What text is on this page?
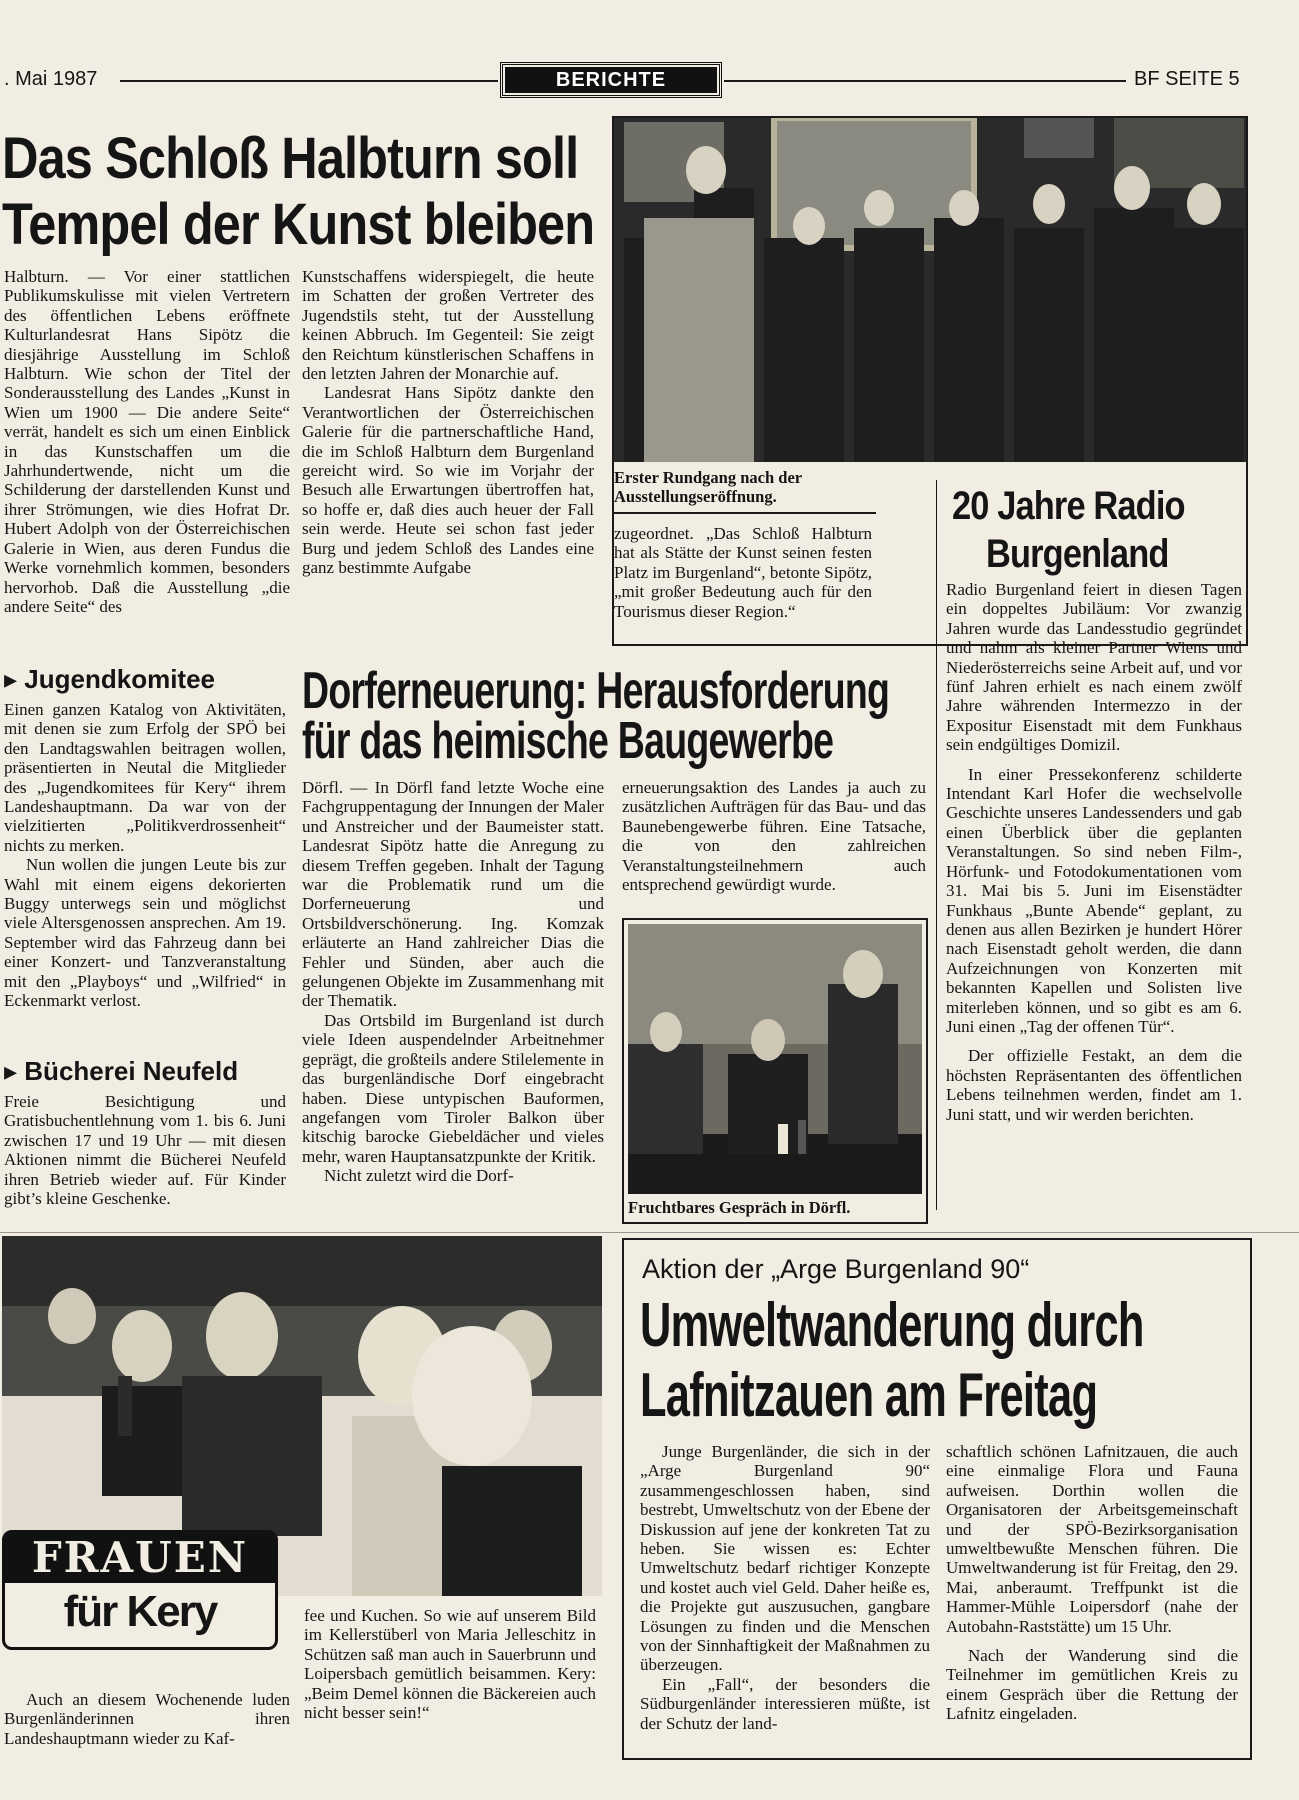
. Mai 1987	BERICHTE	BF SEITE 5
Das Schloß Halbturn soll
Tempel der Kunst bleiben

Halbturn. — Vor einer stattlichen Publikumskulisse mit vielen Vertretern des öffentlichen Lebens eröffnete Kulturlandesrat Hans Sipötz die diesjährige Ausstellung im Schloß Halbturn. Wie schon der Titel der Sonderausstellung des Landes „Kunst in Wien um 1900 — Die andere Seite“ verrät, handelt es sich um einen Einblick in das Kunstschaffen um die Jahrhundertwende, nicht um die Schilderung der darstellenden Kunst und ihrer Strömungen, wie dies Hofrat Dr. Hubert Adolph von der Österreichischen Galerie in Wien, aus deren Fundus die Werke vornehmlich kommen, besonders hervorhob. Daß die Ausstellung „die andere Seite“ des

Kunstschaffens widerspiegelt, die heute im Schatten der großen Vertreter des Jugendstils steht, tut der Ausstellung keinen Abbruch. Im Gegenteil: Sie zeigt den Reichtum künstlerischen Schaffens in den letzten Jahren der Monarchie auf.

Landesrat Hans Sipötz dankte den Verantwortlichen der Österreichischen Galerie für die partnerschaftliche Hand, die im Schloß Halbturn dem Burgenland gereicht wird. So wie im Vorjahr der Besuch alle Erwartungen übertroffen hat, so hoffe er, daß dies auch heuer der Fall sein werde. Heute sei schon fast jeder Burg und jedem Schloß des Landes eine ganz bestimmte Aufgabe

Erster Rundgang nach der Ausstellungseröffnung.

zugeordnet. „Das Schloß Halbturn hat als Stätte der Kunst seinen festen Platz im Burgenland“, betonte Sipötz, „mit großer Bedeutung auch für den Tourismus dieser Region.“

20 Jahre Radio
Burgenland

Radio Burgenland feiert in diesen Tagen ein doppeltes Jubiläum: Vor zwanzig Jahren wurde das Landesstudio gegründet und nahm als kleiner Partner Wiens und Niederösterreichs seine Arbeit auf, und vor fünf Jahren erhielt es nach einem zwölf Jahre währenden Intermezzo in der Expositur Eisenstadt mit dem Funkhaus sein endgültiges Domizil.

In einer Pressekonferenz schilderte Intendant Karl Hofer die wechselvolle Geschichte unseres Landessenders und gab einen Überblick über die geplanten Veranstaltungen. So sind neben Film-, Hörfunk- und Fotodokumentationen vom 31. Mai bis 5. Juni im Eisenstädter Funkhaus „Bunte Abende“ geplant, zu denen aus allen Bezirken je hundert Hörer nach Eisenstadt geholt werden, die dann Aufzeichnungen von Konzerten mit bekannten Kapellen und Solisten live miterleben können, und so gibt es am 6. Juni einen „Tag der offenen Tür“.

Der offizielle Festakt, an dem die höchsten Repräsentanten des öffentlichen Lebens teilnehmen werden, findet am 1. Juni statt, und wir werden berichten.

▸ Jugendkomitee

Einen ganzen Katalog von Aktivitäten, mit denen sie zum Erfolg der SPÖ bei den Landtagswahlen beitragen wollen, präsentierten in Neutal die Mitglieder des „Jugendkomitees für Kery“ ihrem Landeshauptmann. Da war von der vielzitierten „Politikverdrossenheit“ nichts zu merken.

Nun wollen die jungen Leute bis zur Wahl mit einem eigens dekorierten Buggy unterwegs sein und möglichst viele Altersgenossen ansprechen. Am 19. September wird das Fahrzeug dann bei einer Konzert- und Tanzveranstaltung mit den „Playboys“ und „Wilfried“ in Eckenmarkt verlost.

▸ Bücherei Neufeld

Freie Besichtigung und Gratisbuchentlehnung vom 1. bis 6. Juni zwischen 17 und 19 Uhr — mit diesen Aktionen nimmt die Bücherei Neufeld ihren Betrieb wieder auf. Für Kinder gibt’s kleine Geschenke.

Dorferneuerung: Herausforderung
für das heimische Baugewerbe

Dörfl. — In Dörfl fand letzte Woche eine Fachgruppentagung der Innungen der Maler und Anstreicher und der Baumeister statt. Landesrat Sipötz hatte die Anregung zu diesem Treffen gegeben. Inhalt der Tagung war die Problematik rund um die Dorferneuerung und Ortsbildverschönerung. Ing. Komzak erläuterte an Hand zahlreicher Dias die Fehler und Sünden, aber auch die gelungenen Objekte im Zusammenhang mit der Thematik.

Das Ortsbild im Burgenland ist durch viele Ideen auspendelnder Arbeitnehmer geprägt, die großteils andere Stilelemente in das burgenländische Dorf eingebracht haben. Diese untypischen Bauformen, angefangen vom Tiroler Balkon über kitschig barocke Giebeldächer und vieles mehr, waren Hauptansatzpunkte der Kritik.

Nicht zuletzt wird die Dorf-

erneuerungsaktion des Landes ja auch zu zusätzlichen Aufträgen für das Bau- und das Baunebengewerbe führen. Eine Tatsache, die von den zahlreichen Veranstaltungsteilnehmern auch entsprechend gewürdigt wurde.

Fruchtbares Gespräch in Dörfl.
FRAUEN
für Kery

Auch an diesem Wochenende luden Burgenländerinnen ihren Landeshauptmann wieder zu Kaf-

fee und Kuchen. So wie auf unserem Bild im Kellerstüberl von Maria Jelleschitz in Schützen saß man auch in Sauerbrunn und Loipersbach gemütlich beisammen. Kery: „Beim Demel können die Bäckereien auch nicht besser sein!“

Aktion der „Arge Burgenland 90“
Umweltwanderung durch
Lafnitzauen am Freitag

Junge Burgenländer, die sich in der „Arge Burgenland 90“ zusammengeschlossen haben, sind bestrebt, Umweltschutz von der Ebene der Diskussion auf jene der konkreten Tat zu heben. Sie wissen es: Echter Umweltschutz bedarf richtiger Konzepte und kostet auch viel Geld. Daher heiße es, die Projekte gut auszusuchen, gangbare Lösungen zu finden und die Menschen von der Sinnhaftigkeit der Maßnahmen zu überzeugen.

Ein „Fall“, der besonders die Südburgenländer interessieren müßte, ist der Schutz der land-

schaftlich schönen Lafnitzauen, die auch eine einmalige Flora und Fauna aufweisen. Dorthin wollen die Organisatoren der Arbeitsgemeinschaft und der SPÖ-Bezirksorganisation umweltbewußte Menschen führen. Die Umweltwanderung ist für Freitag, den 29. Mai, anberaumt. Treffpunkt ist die Hammer-Mühle Loipersdorf (nahe der Autobahn-Raststätte) um 15 Uhr.

Nach der Wanderung sind die Teilnehmer im gemütlichen Kreis zu einem Gespräch über die Rettung der Lafnitz eingeladen.
